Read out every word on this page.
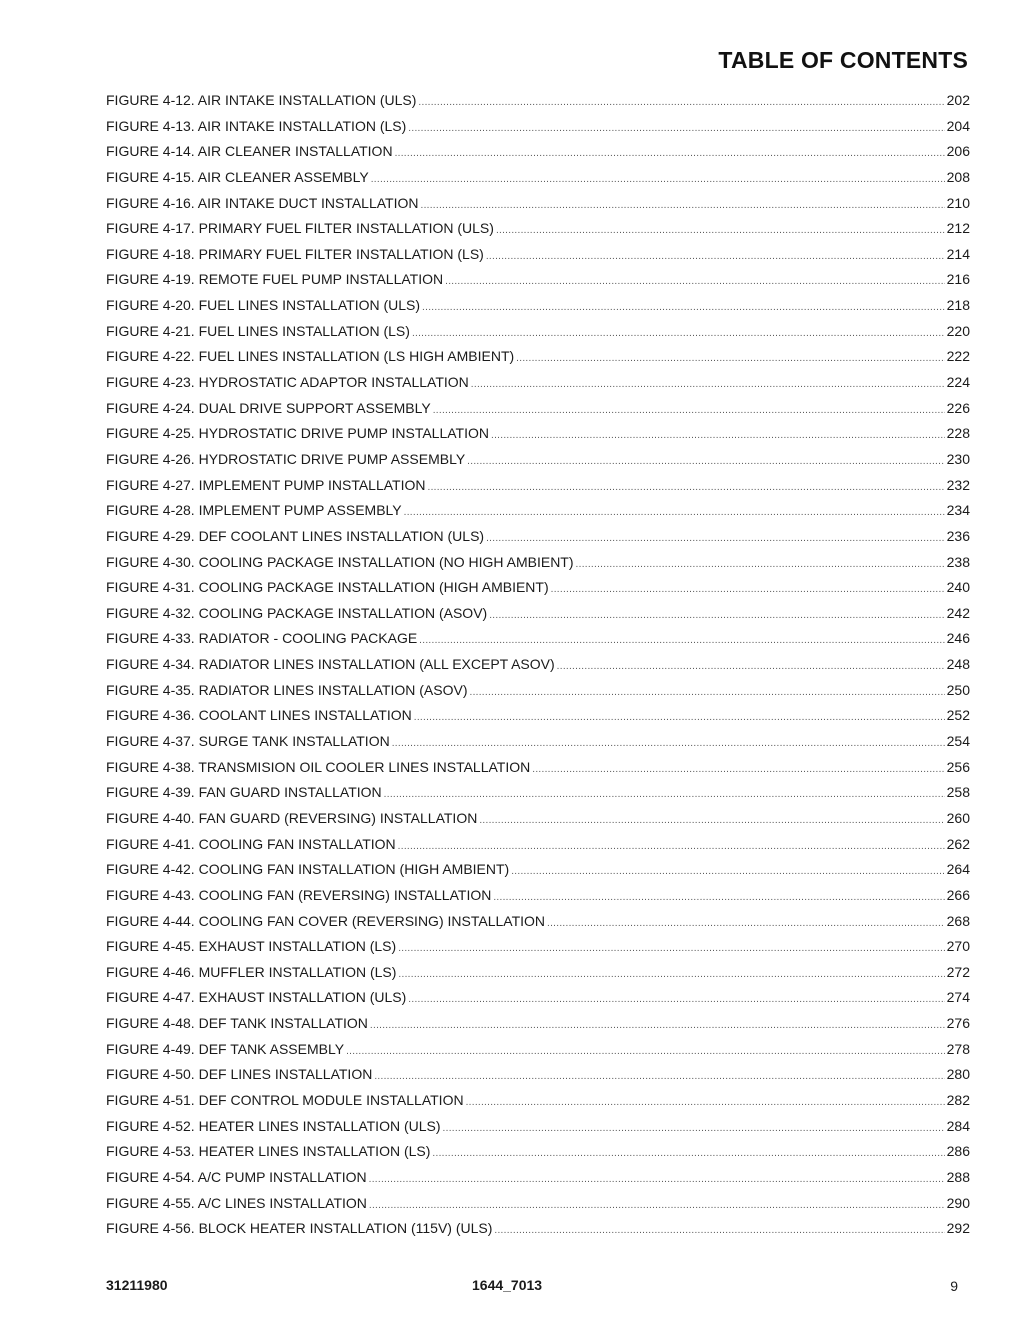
TABLE OF CONTENTS
FIGURE 4-12. AIR INTAKE INSTALLATION (ULS) .....	202
FIGURE 4-13. AIR INTAKE INSTALLATION (LS) .....	204
FIGURE 4-14. AIR CLEANER INSTALLATION .....	206
FIGURE 4-15. AIR CLEANER ASSEMBLY .....	208
FIGURE 4-16. AIR INTAKE DUCT INSTALLATION .....	210
FIGURE 4-17. PRIMARY FUEL FILTER INSTALLATION (ULS) .....	212
FIGURE 4-18. PRIMARY FUEL FILTER INSTALLATION (LS) .....	214
FIGURE 4-19. REMOTE FUEL PUMP INSTALLATION .....	216
FIGURE 4-20. FUEL LINES INSTALLATION (ULS) .....	218
FIGURE 4-21. FUEL LINES INSTALLATION (LS) .....	220
FIGURE 4-22. FUEL LINES INSTALLATION (LS HIGH AMBIENT) .....	222
FIGURE 4-23. HYDROSTATIC ADAPTOR INSTALLATION .....	224
FIGURE 4-24. DUAL DRIVE SUPPORT ASSEMBLY .....	226
FIGURE 4-25. HYDROSTATIC DRIVE PUMP INSTALLATION .....	228
FIGURE 4-26. HYDROSTATIC DRIVE PUMP ASSEMBLY .....	230
FIGURE 4-27. IMPLEMENT PUMP INSTALLATION .....	232
FIGURE 4-28. IMPLEMENT PUMP ASSEMBLY .....	234
FIGURE 4-29. DEF COOLANT LINES INSTALLATION (ULS) .....	236
FIGURE 4-30. COOLING PACKAGE INSTALLATION (NO HIGH AMBIENT) .....	238
FIGURE 4-31. COOLING PACKAGE INSTALLATION (HIGH AMBIENT) .....	240
FIGURE 4-32. COOLING PACKAGE INSTALLATION (ASOV) .....	242
FIGURE 4-33. RADIATOR - COOLING PACKAGE .....	246
FIGURE 4-34. RADIATOR LINES INSTALLATION (ALL EXCEPT ASOV) .....	248
FIGURE 4-35. RADIATOR LINES INSTALLATION (ASOV) .....	250
FIGURE 4-36. COOLANT LINES INSTALLATION .....	252
FIGURE 4-37. SURGE TANK INSTALLATION .....	254
FIGURE 4-38. TRANSMISION OIL COOLER LINES INSTALLATION .....	256
FIGURE 4-39. FAN GUARD INSTALLATION .....	258
FIGURE 4-40. FAN GUARD (REVERSING) INSTALLATION .....	260
FIGURE 4-41. COOLING FAN INSTALLATION .....	262
FIGURE 4-42. COOLING FAN INSTALLATION (HIGH AMBIENT) .....	264
FIGURE 4-43. COOLING FAN (REVERSING) INSTALLATION .....	266
FIGURE 4-44. COOLING FAN COVER (REVERSING) INSTALLATION .....	268
FIGURE 4-45. EXHAUST INSTALLATION (LS) .....	270
FIGURE 4-46. MUFFLER INSTALLATION (LS) .....	272
FIGURE 4-47. EXHAUST INSTALLATION (ULS) .....	274
FIGURE 4-48. DEF TANK INSTALLATION .....	276
FIGURE 4-49. DEF TANK ASSEMBLY .....	278
FIGURE 4-50. DEF LINES INSTALLATION .....	280
FIGURE 4-51. DEF CONTROL MODULE INSTALLATION .....	282
FIGURE 4-52. HEATER LINES INSTALLATION (ULS) .....	284
FIGURE 4-53. HEATER LINES INSTALLATION (LS) .....	286
FIGURE 4-54. A/C PUMP INSTALLATION .....	288
FIGURE 4-55. A/C LINES INSTALLATION .....	290
FIGURE 4-56. BLOCK HEATER INSTALLATION (115V) (ULS) .....	292
31211980	1644_7013	9
